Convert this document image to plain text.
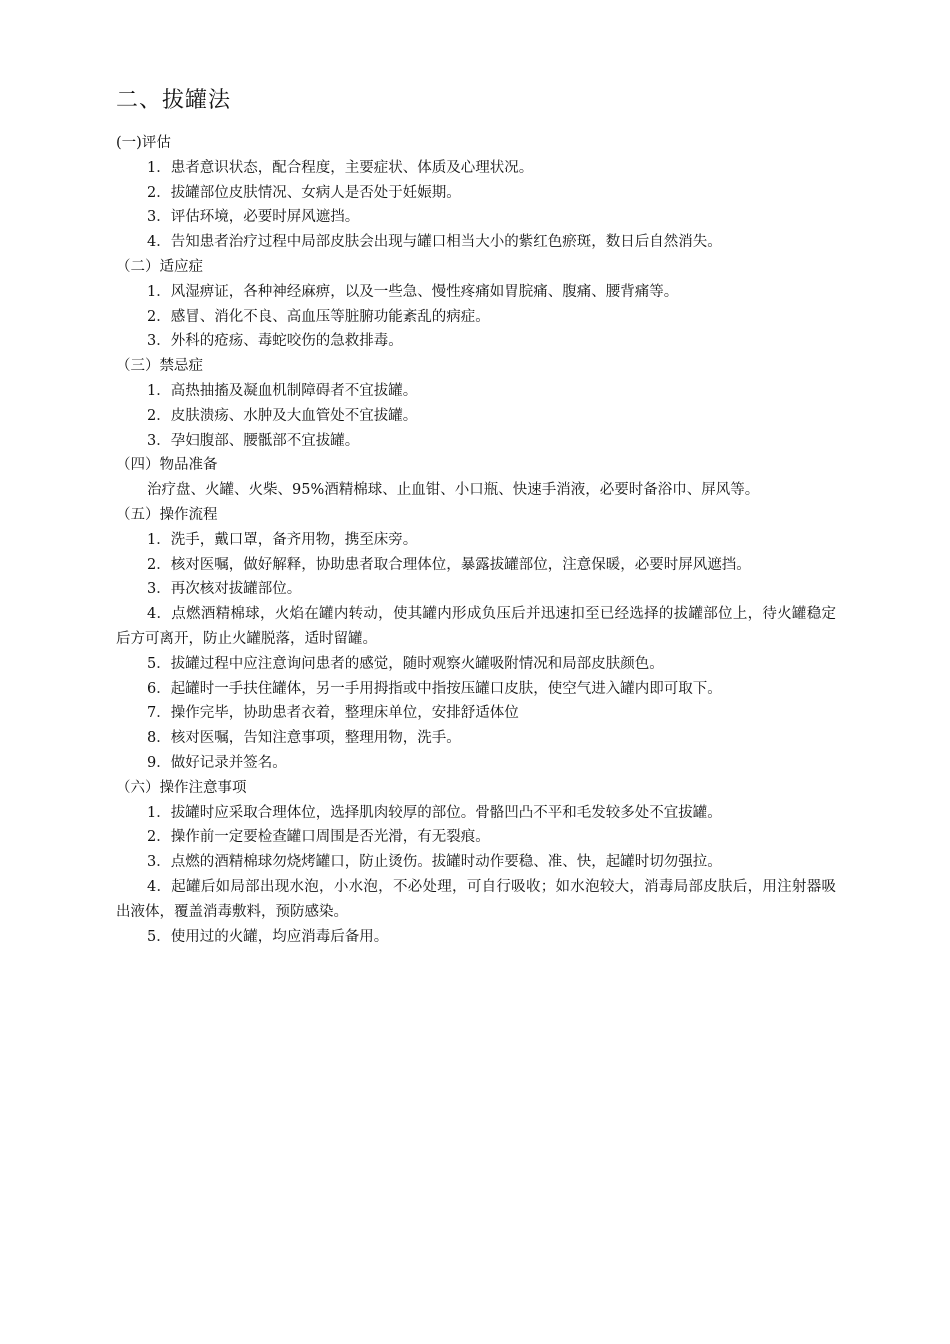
二、拔罐法
(一)评估
1．患者意识状态，配合程度，主要症状、体质及心理状况。
2．拔罐部位皮肤情况、女病人是否处于妊娠期。
3．评估环境，必要时屏风遮挡。
4．告知患者治疗过程中局部皮肤会出现与罐口相当大小的紫红色瘀斑，数日后自然消失。
（二）适应症
1．风湿痹证，各种神经麻痹，以及一些急、慢性疼痛如胃脘痛、腹痛、腰背痛等。
2．感冒、消化不良、高血压等脏腑功能紊乱的病症。
3．外科的疮疡、毒蛇咬伤的急救排毒。
（三）禁忌症
1．高热抽搐及凝血机制障碍者不宜拔罐。
2．皮肤溃疡、水肿及大血管处不宜拔罐。
3．孕妇腹部、腰骶部不宜拔罐。
（四）物品准备
治疗盘、火罐、火柴、95%酒精棉球、止血钳、小口瓶、快速手消液，必要时备浴巾、屏风等。
（五）操作流程
1．洗手，戴口罩，备齐用物，携至床旁。
2．核对医嘱，做好解释，协助患者取合理体位，暴露拔罐部位，注意保暖，必要时屏风遮挡。
3．再次核对拔罐部位。
4．点燃酒精棉球，火焰在罐内转动，使其罐内形成负压后并迅速扣至已经选择的拔罐部位上，待火罐稳定后方可离开，防止火罐脱落，适时留罐。
5．拔罐过程中应注意询问患者的感觉，随时观察火罐吸附情况和局部皮肤颜色。
6．起罐时一手扶住罐体，另一手用拇指或中指按压罐口皮肤，使空气进入罐内即可取下。
7．操作完毕，协助患者衣着，整理床单位，安排舒适体位
8．核对医嘱，告知注意事项，整理用物，洗手。
9．做好记录并签名。
（六）操作注意事项
1．拔罐时应采取合理体位，选择肌肉较厚的部位。骨骼凹凸不平和毛发较多处不宜拔罐。
2．操作前一定要检查罐口周围是否光滑，有无裂痕。
3．点燃的酒精棉球勿烧烤罐口，防止烫伤。拔罐时动作要稳、准、快，起罐时切勿强拉。
4．起罐后如局部出现水泡，小水泡，不必处理，可自行吸收；如水泡较大，消毒局部皮肤后，用注射器吸出液体，覆盖消毒敷料，预防感染。
5．使用过的火罐，均应消毒后备用。
